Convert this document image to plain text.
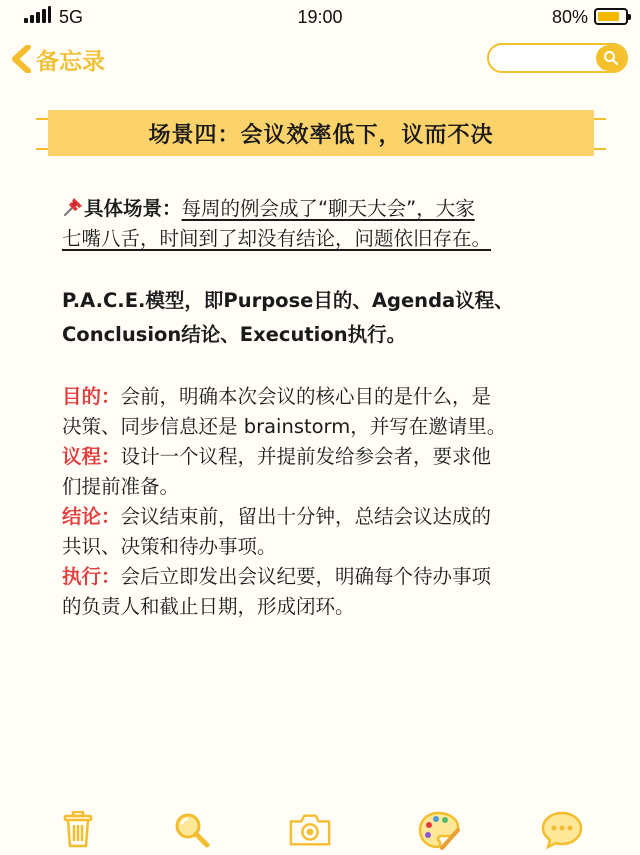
5G	19:00	80%
备忘录
场景四：会议效率低下，议而不决
具体场景：每周的例会成了“聊天大会”，大家
七嘴八舌，时间到了却没有结论，问题依旧存在。
P.A.C.E.模型，即Purpose目的、Agenda议程、
Conclusion结论、Execution执行。
目的：会前，明确本次会议的核心目的是什么，是
决策、同步信息还是 brainstorm，并写在邀请里。
议程：设计一个议程，并提前发给参会者，要求他
们提前准备。
结论：会议结束前，留出十分钟，总结会议达成的
共识、决策和待办事项。
执行：会后立即发出会议纪要，明确每个待办事项
的负责人和截止日期，形成闭环。
